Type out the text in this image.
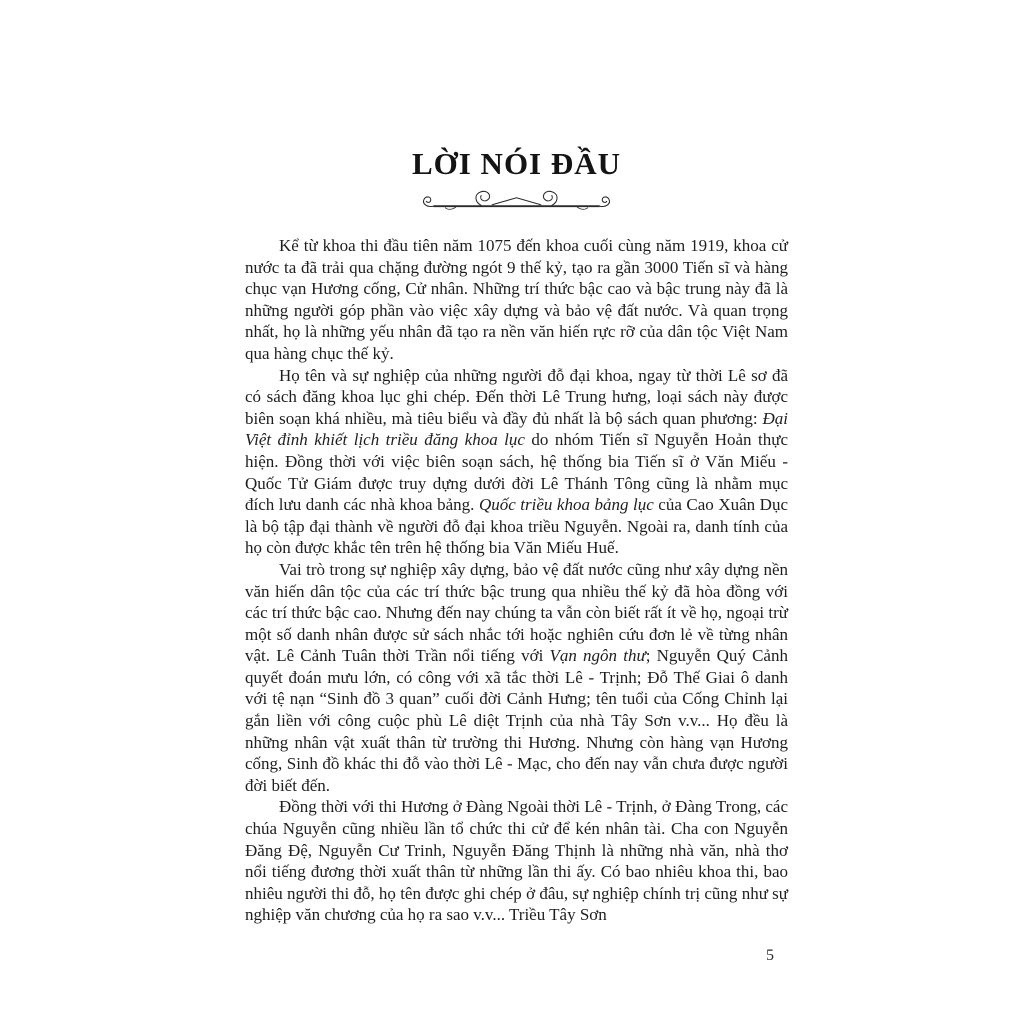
LỜI NÓI ĐẦU

Kể từ khoa thi đầu tiên năm 1075 đến khoa cuối cùng năm 1919, khoa cử nước ta đã trải qua chặng đường ngót 9 thế kỷ, tạo ra gần 3000 Tiến sĩ và hàng chục vạn Hương cống, Cử nhân. Những trí thức bậc cao và bậc trung này đã là những người góp phần vào việc xây dựng và bảo vệ đất nước. Và quan trọng nhất, họ là những yếu nhân đã tạo ra nền văn hiến rực rỡ của dân tộc Việt Nam qua hàng chục thế kỷ.

Họ tên và sự nghiệp của những người đỗ đại khoa, ngay từ thời Lê sơ đã có sách đăng khoa lục ghi chép. Đến thời Lê Trung hưng, loại sách này được biên soạn khá nhiều, mà tiêu biểu và đầy đủ nhất là bộ sách quan phương: Đại Việt đỉnh khiết lịch triều đăng khoa lục do nhóm Tiến sĩ Nguyễn Hoản thực hiện. Đồng thời với việc biên soạn sách, hệ thống bia Tiến sĩ ở Văn Miếu - Quốc Tử Giám được truy dựng dưới đời Lê Thánh Tông cũng là nhằm mục đích lưu danh các nhà khoa bảng. Quốc triều khoa bảng lục của Cao Xuân Dục là bộ tập đại thành về người đỗ đại khoa triều Nguyễn. Ngoài ra, danh tính của họ còn được khắc tên trên hệ thống bia Văn Miếu Huế.

Vai trò trong sự nghiệp xây dựng, bảo vệ đất nước cũng như xây dựng nền văn hiến dân tộc của các trí thức bậc trung qua nhiều thế kỷ đã hòa đồng với các trí thức bậc cao. Nhưng đến nay chúng ta vẫn còn biết rất ít về họ, ngoại trừ một số danh nhân được sử sách nhắc tới hoặc nghiên cứu đơn lẻ về từng nhân vật. Lê Cảnh Tuân thời Trần nổi tiếng với Vạn ngôn thư; Nguyễn Quý Cảnh quyết đoán mưu lớn, có công với xã tắc thời Lê - Trịnh; Đỗ Thế Giai ô danh với tệ nạn “Sinh đồ 3 quan” cuối đời Cảnh Hưng; tên tuổi của Cống Chỉnh lại gắn liền với công cuộc phù Lê diệt Trịnh của nhà Tây Sơn v.v... Họ đều là những nhân vật xuất thân từ trường thi Hương. Nhưng còn hàng vạn Hương cống, Sinh đồ khác thi đỗ vào thời Lê - Mạc, cho đến nay vẫn chưa được người đời biết đến.

Đồng thời với thi Hương ở Đàng Ngoài thời Lê - Trịnh, ở Đàng Trong, các chúa Nguyễn cũng nhiều lần tổ chức thi cử để kén nhân tài. Cha con Nguyễn Đăng Đệ, Nguyễn Cư Trinh, Nguyễn Đăng Thịnh là những nhà văn, nhà thơ nổi tiếng đương thời xuất thân từ những lần thi ấy. Có bao nhiêu khoa thi, bao nhiêu người thi đỗ, họ tên được ghi chép ở đâu, sự nghiệp chính trị cũng như sự nghiệp văn chương của họ ra sao v.v... Triều Tây Sơn

5
